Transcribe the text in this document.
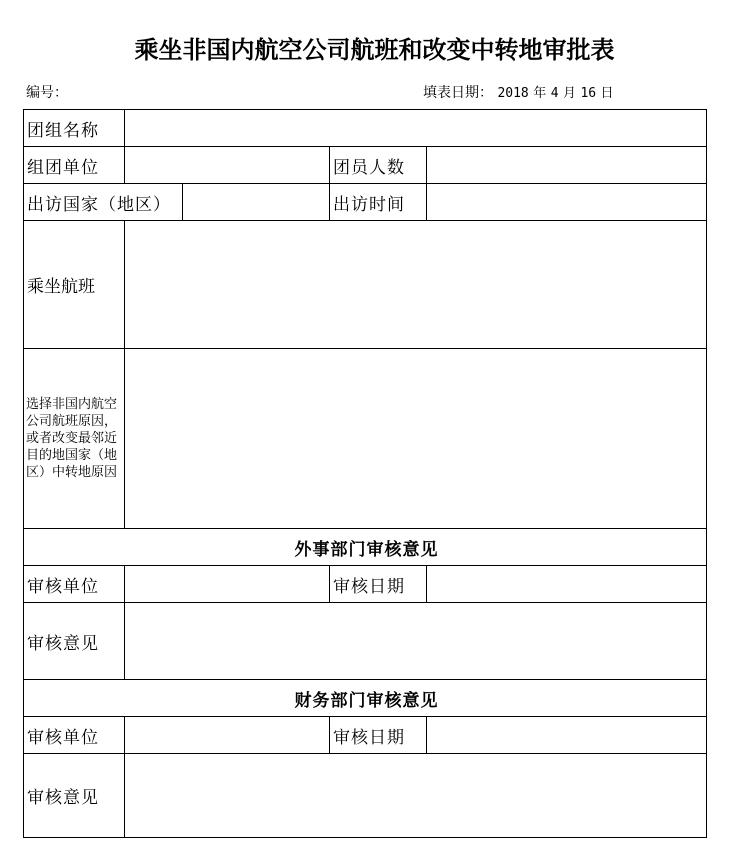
乘坐非国内航空公司航班和改变中转地审批表
编号：	填表日期： 2018 年 4 月 16 日
团组名称				
组团单位			团员人数	
出访国家（地区）			出访时间	
乘坐航班				
选择非国内航空公司航班原因，或者改变最邻近目的地国家（地区）中转地原因				
外事部门审核意见				
审核单位			审核日期	
审核意见				
财务部门审核意见				
审核单位			审核日期	
审核意见				
